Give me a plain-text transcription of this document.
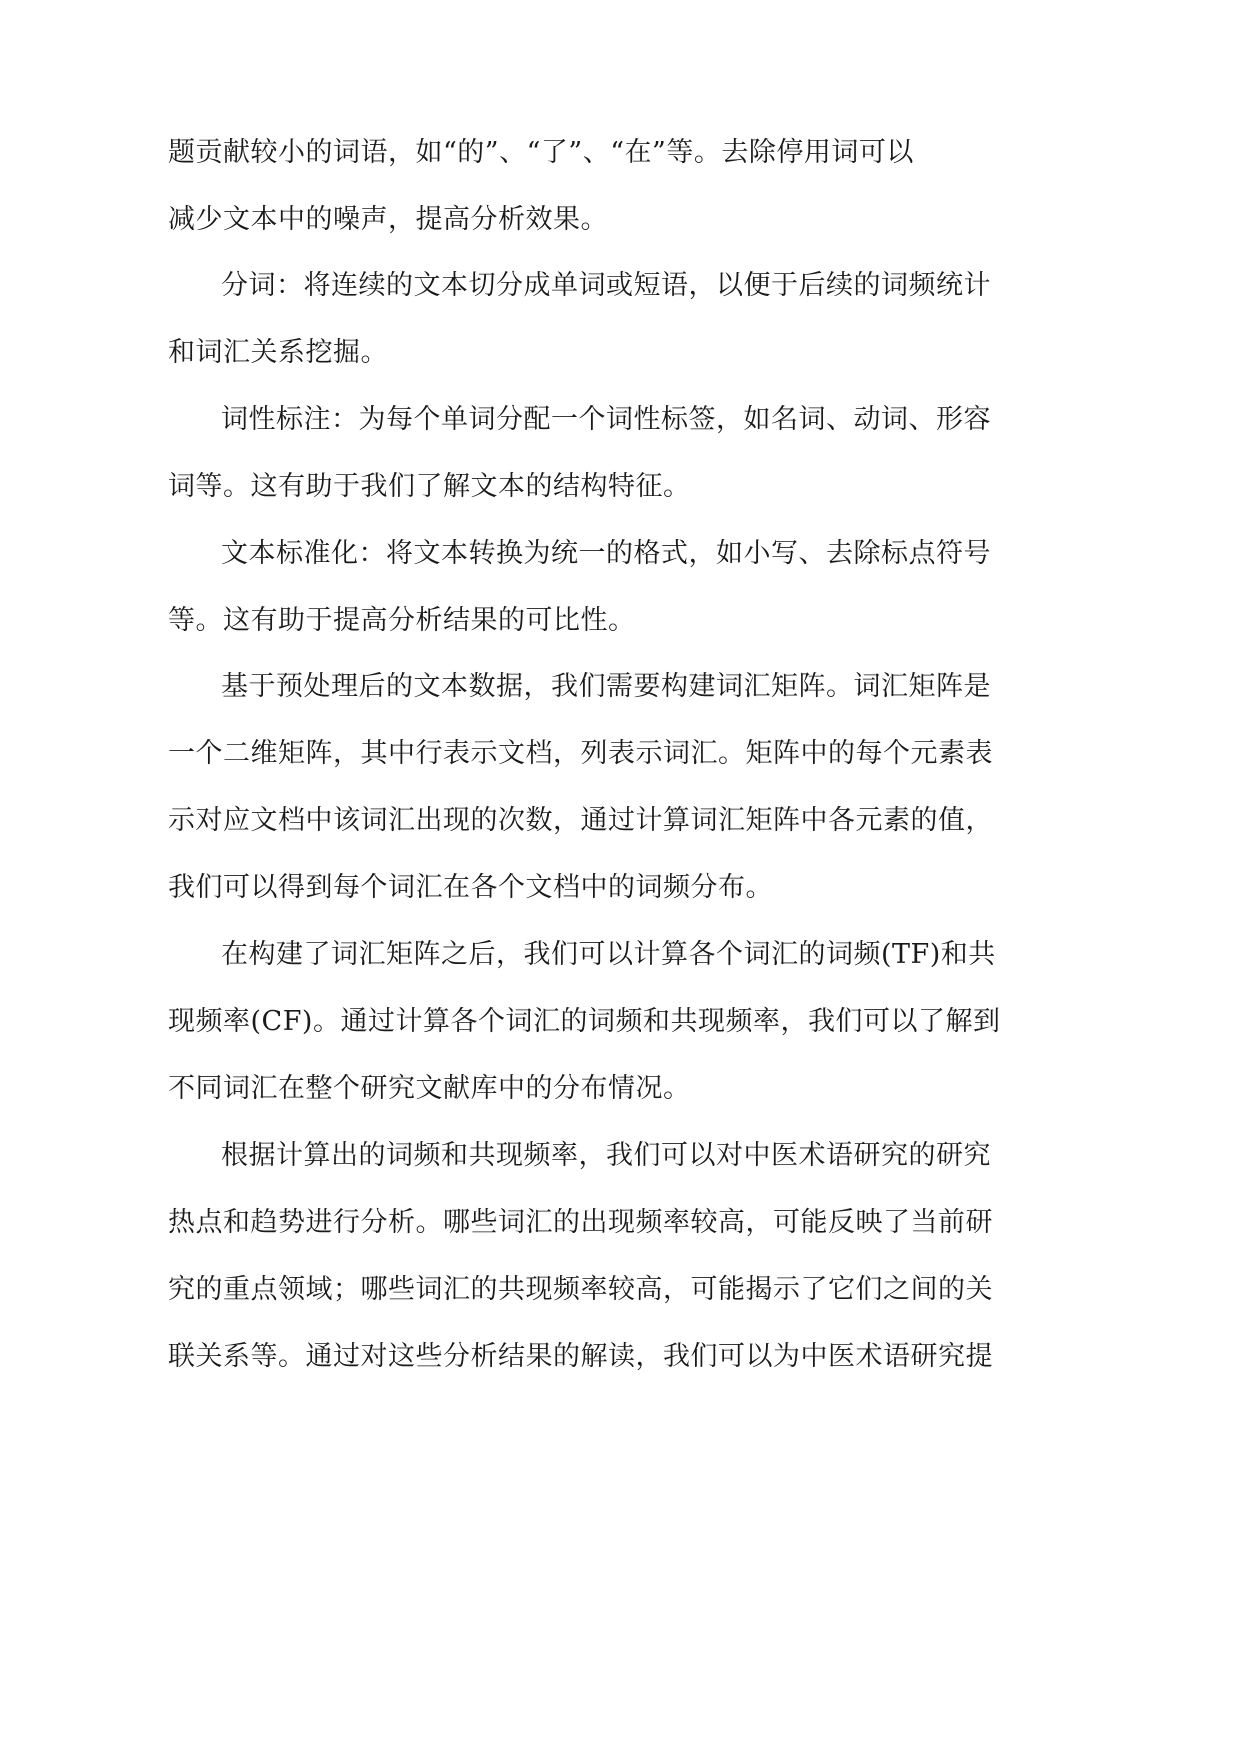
题贡献较小的词语，如“的”、“了”、“在”等。去除停用词可以
减少文本中的噪声，提高分析效果。
分词：将连续的文本切分成单词或短语，以便于后续的词频统计
和词汇关系挖掘。
词性标注：为每个单词分配一个词性标签，如名词、动词、形容
词等。这有助于我们了解文本的结构特征。
文本标准化：将文本转换为统一的格式，如小写、去除标点符号
等。这有助于提高分析结果的可比性。
基于预处理后的文本数据，我们需要构建词汇矩阵。词汇矩阵是
一个二维矩阵，其中行表示文档，列表示词汇。矩阵中的每个元素表
示对应文档中该词汇出现的次数，通过计算词汇矩阵中各元素的值，
我们可以得到每个词汇在各个文档中的词频分布。
在构建了词汇矩阵之后，我们可以计算各个词汇的词频(TF)和共
现频率(CF)。通过计算各个词汇的词频和共现频率，我们可以了解到
不同词汇在整个研究文献库中的分布情况。
根据计算出的词频和共现频率，我们可以对中医术语研究的研究
热点和趋势进行分析。哪些词汇的出现频率较高，可能反映了当前研
究的重点领域；哪些词汇的共现频率较高，可能揭示了它们之间的关
联关系等。通过对这些分析结果的解读，我们可以为中医术语研究提
